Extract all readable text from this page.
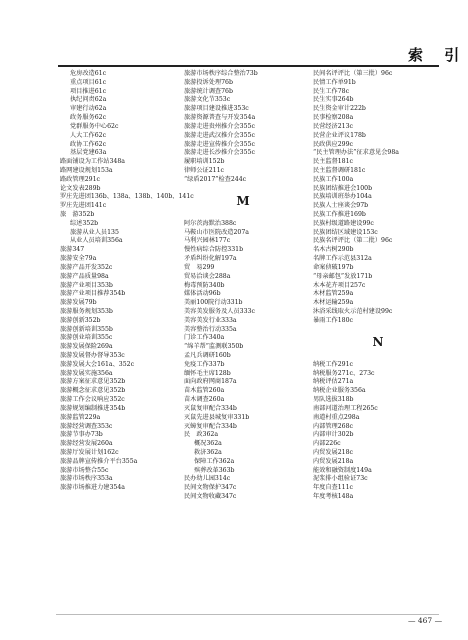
索 引
危房改造61c
重点项目61c
项目推进61c
执纪问责62a
审建行动62a
政务服务62c
党群服务中心62c
人大工作62c
政协工作62c
基层党建63a
路面铺设为工作站348a
路网建设规划153a
路政管理291c
论文发表289b
罗庄先进团136b、138a、138b、140b、141c
罗庄先进团141c
旅　游352b
综述352b
旅游从业人员135
从业人员培训356a
旅游347
旅游安全79a
旅游产品开发352c
旅游产品质量98a
旅游产业项目353b
旅游产业项目推荐354b
旅游发展79b
旅游服务规划353b
旅游创新352b
旅游创新培训355b
旅游创业培训355c
旅游发展保险269a
旅游发展督办督导353c
旅游发展大会161a、352c
旅游发展实施356a
旅游方案征求意见352b
旅游概念征求意见352b
旅游工作会议响应352c
旅游规划编制推进354b
旅游监管229a
旅游经营调查353c
旅游节事办73b
旅游经营发展260a
旅游厅发展计划162c
旅游品牌宣传推介平台355a
旅游市场整合55c
旅游市场秩序353a
旅游市场推进力建354a
旅游市场秩序综合整治73b
旅游投诉处理76b
旅游统计调查76b
旅游文化节353c
旅游项目建设推进353c
旅游资源普查与开发354a
旅游走进贵州推介会355c
旅游走进武汉推介会355c
旅游走进宣传推介会355c
旅游走进长沙推介会355c
履职培训152b
律师公证211c
“绿盾2017”检查244c
M
阿尔茨海默治388c
马鞍山市医院改造207a
马利兴园林177c
慢性病综合防控331b
矛盾纠纷化解197a
贸　易299
贸易洽谈会288a
梅毒预防340b
媒体活动96b
美丽100院行动331b
美容美发服务及人员333c
美容美发行业333a
美容整治行动335a
门诊工作340a
“绵羊帮”监测联350b
孟凡兵调研160b
免疫工作337b
缅怀毛主席128b
面向政府网商187a
苗木监管260a
苗木调查260a
灭鼠复审配合334b
灭鼠先进县城复审331b
灭蟑复审配合334b
民　政362a
概况362a
救济362a
保障工作362a
殡葬改革363b
民办幼儿园314c
民间文物保护347c
民间文物收藏347c
民间名评评比（第三批）96c
民情工作单91b
民生工作78c
民生实事264b
民生资金审计222b
民事检察208a
民营经济213c
民营企业评议178b
民政供应299c
“民主管理办法”征求意见会98a
民主监督181c
民主监督调研181c
民族工作100a
民族团结推进会100b
民族培训班举办104a
民族人士座谈会97b
民族工作推进169b
民族村级道路建设99c
民族团结区域建设153c
民族名评评比（第二批）96c
名木古树290b
名牌工作示范县312a
命案侦破197b
“母亲邮包”发放171b
木本花卉项目257c
木材监管259a
木材运输259a
沐浴采线取火示范村建设99c
暴雨工作180c
N
纳税工作291c
纳税服务271c、273c
纳税评估271a
纳税企业服务356a
男队选拔318b
南部河道治理工程265c
南道村重点298a
内部管理268c
内部审计302b
内部226c
内贸发展218c
内贸发展218a
能效和融资制度149a
泥浆排小组验证73c
年度自查111c
年度考核148a
— 467 —
